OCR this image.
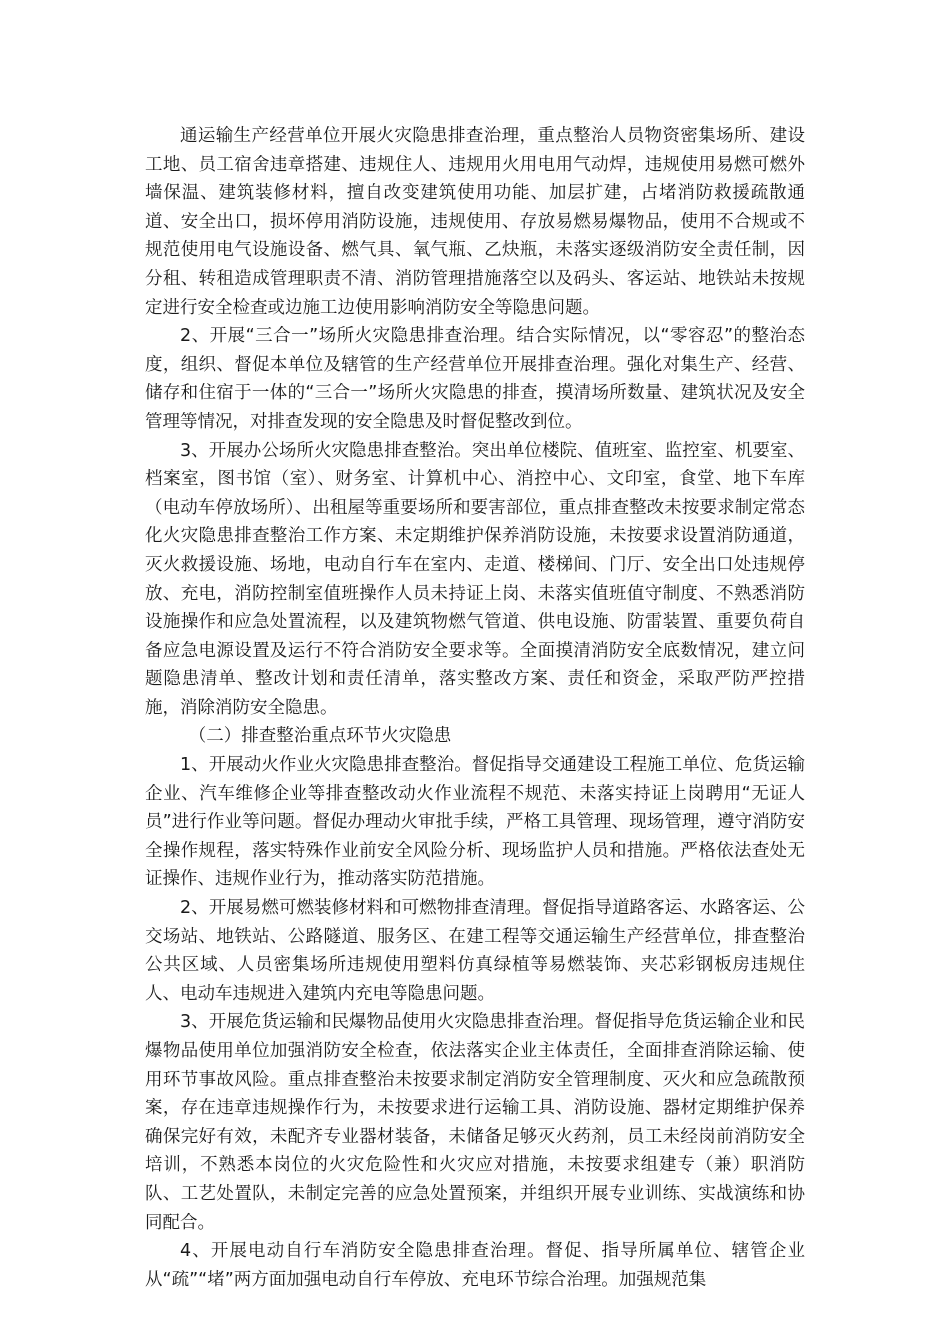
通运输生产经营单位开展火灾隐患排查治理，重点整治人员物资密集场所、建设工地、员工宿舍违章搭建、违规住人、违规用火用电用气动焊，违规使用易燃可燃外墙保温、建筑装修材料，擅自改变建筑使用功能、加层扩建，占堵消防救援疏散通道、安全出口，损坏停用消防设施，违规使用、存放易燃易爆物品，使用不合规或不规范使用电气设施设备、燃气具、氧气瓶、乙炔瓶，未落实逐级消防安全责任制，因分租、转租造成管理职责不清、消防管理措施落空以及码头、客运站、地铁站未按规定进行安全检查或边施工边使用影响消防安全等隐患问题。

2、开展“三合一”场所火灾隐患排查治理。结合实际情况，以“零容忍”的整治态度，组织、督促本单位及辖管的生产经营单位开展排查治理。强化对集生产、经营、储存和住宿于一体的“三合一”场所火灾隐患的排查，摸清场所数量、建筑状况及安全管理等情况，对排查发现的安全隐患及时督促整改到位。

3、开展办公场所火灾隐患排查整治。突出单位楼院、值班室、监控室、机要室、档案室，图书馆（室）、财务室、计算机中心、消控中心、文印室，食堂、地下车库（电动车停放场所）、出租屋等重要场所和要害部位，重点排查整改未按要求制定常态化火灾隐患排查整治工作方案、未定期维护保养消防设施，未按要求设置消防通道，灭火救援设施、场地，电动自行车在室内、走道、楼梯间、门厅、安全出口处违规停放、充电，消防控制室值班操作人员未持证上岗、未落实值班值守制度、不熟悉消防设施操作和应急处置流程，以及建筑物燃气管道、供电设施、防雷装置、重要负荷自备应急电源设置及运行不符合消防安全要求等。全面摸清消防安全底数情况，建立问题隐患清单、整改计划和责任清单，落实整改方案、责任和资金，采取严防严控措施，消除消防安全隐患。

（二）排查整治重点环节火灾隐患

1、开展动火作业火灾隐患排查整治。督促指导交通建设工程施工单位、危货运输企业、汽车维修企业等排查整改动火作业流程不规范、未落实持证上岗聘用“无证人员”进行作业等问题。督促办理动火审批手续，严格工具管理、现场管理，遵守消防安全操作规程，落实特殊作业前安全风险分析、现场监护人员和措施。严格依法查处无证操作、违规作业行为，推动落实防范措施。

2、开展易燃可燃装修材料和可燃物排查清理。督促指导道路客运、水路客运、公交场站、地铁站、公路隧道、服务区、在建工程等交通运输生产经营单位，排查整治公共区域、人员密集场所违规使用塑料仿真绿植等易燃装饰、夹芯彩钢板房违规住人、电动车违规进入建筑内充电等隐患问题。

3、开展危货运输和民爆物品使用火灾隐患排查治理。督促指导危货运输企业和民爆物品使用单位加强消防安全检查，依法落实企业主体责任，全面排查消除运输、使用环节事故风险。重点排查整治未按要求制定消防安全管理制度、灭火和应急疏散预案，存在违章违规操作行为，未按要求进行运输工具、消防设施、器材定期维护保养确保完好有效，未配齐专业器材装备，未储备足够灭火药剂，员工未经岗前消防安全培训，不熟悉本岗位的火灾危险性和火灾应对措施，未按要求组建专（兼）职消防队、工艺处置队，未制定完善的应急处置预案，并组织开展专业训练、实战演练和协同配合。

4、开展电动自行车消防安全隐患排查治理。督促、指导所属单位、辖管企业从“疏”“堵”两方面加强电动自行车停放、充电环节综合治理。加强规范集
